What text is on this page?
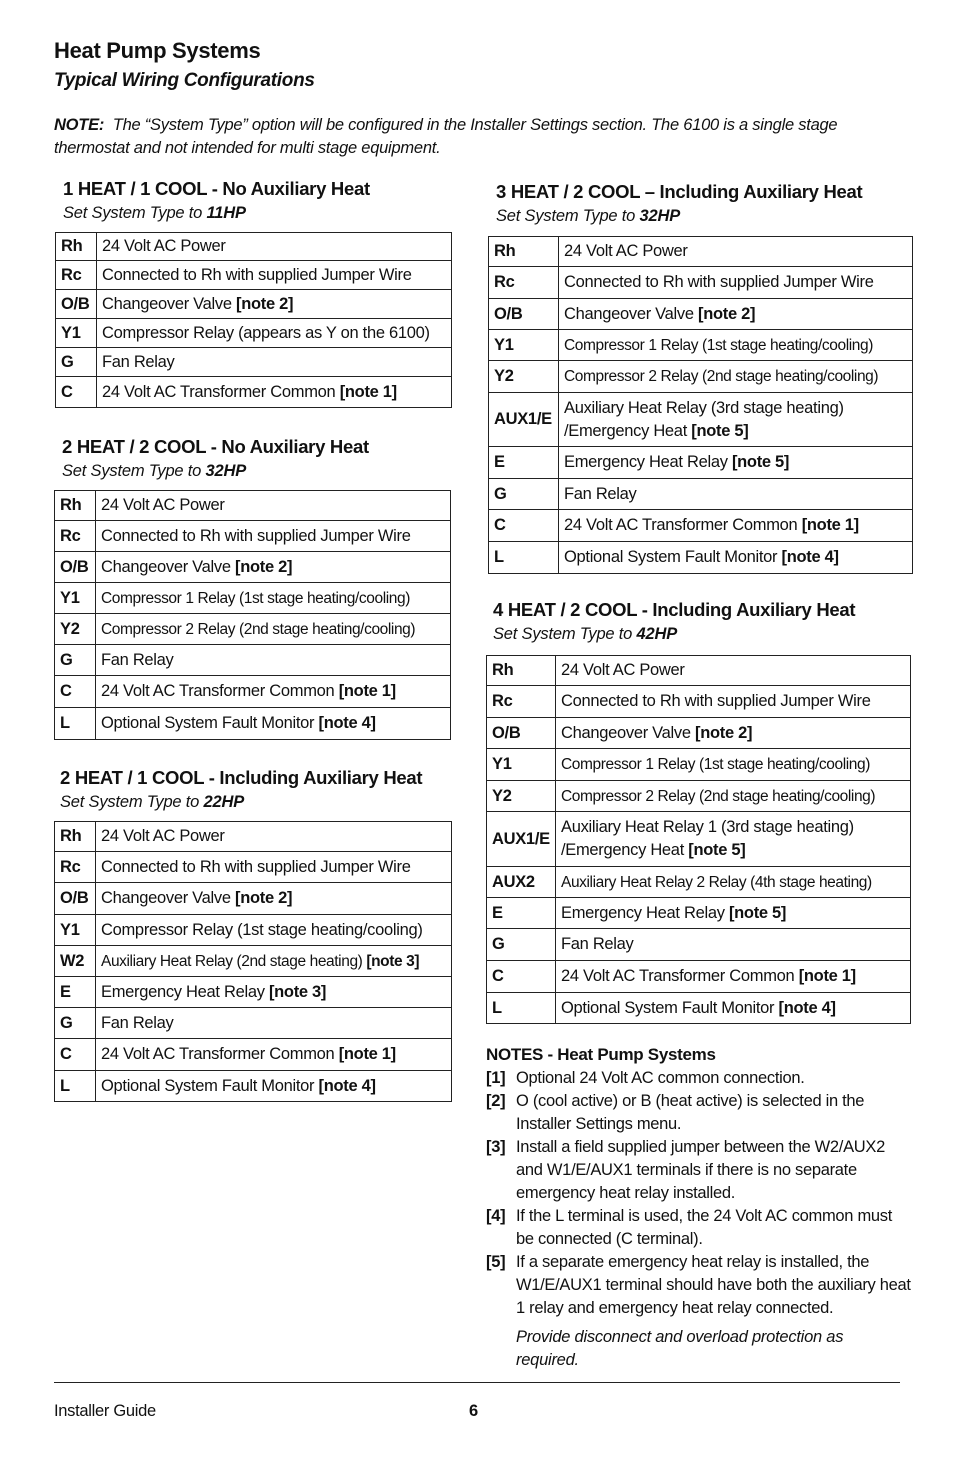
Heat Pump Systems
Typical Wiring Configurations
NOTE: The “System Type” option will be configured in the Installer Settings section. The 6100 is a single stage thermostat and not intended for multi stage equipment.
1 HEAT / 1 COOL - No Auxiliary Heat
Set System Type to 11HP
Rh	24 Volt AC Power
Rc	Connected to Rh with supplied Jumper Wire
O/B	Changeover Valve [note 2]
Y1	Compressor Relay (appears as Y on the 6100)
G	Fan Relay
C	24 Volt AC Transformer Common [note 1]
2 HEAT / 2 COOL - No Auxiliary Heat
Set System Type to 32HP
Rh	24 Volt AC Power
Rc	Connected to Rh with supplied Jumper Wire
O/B	Changeover Valve [note 2]
Y1	Compressor 1 Relay (1st stage heating/cooling)
Y2	Compressor 2 Relay (2nd stage heating/cooling)
G	Fan Relay
C	24 Volt AC Transformer Common [note 1]
L	Optional System Fault Monitor [note 4]
2 HEAT / 1 COOL - Including Auxiliary Heat
Set System Type to 22HP
Rh	24 Volt AC Power
Rc	Connected to Rh with supplied Jumper Wire
O/B	Changeover Valve [note 2]
Y1	Compressor Relay (1st stage heating/cooling)
W2	Auxiliary Heat Relay (2nd stage heating) [note 3]
E	Emergency Heat Relay [note 3]
G	Fan Relay
C	24 Volt AC Transformer Common [note 1]
L	Optional System Fault Monitor [note 4]
3 HEAT / 2 COOL – Including Auxiliary Heat
Set System Type to 32HP
Rh	24 Volt AC Power
Rc	Connected to Rh with supplied Jumper Wire
O/B	Changeover Valve [note 2]
Y1	Compressor 1 Relay (1st stage heating/cooling)
Y2	Compressor 2 Relay (2nd stage heating/cooling)
AUX1/E	Auxiliary Heat Relay (3rd stage heating) /Emergency Heat [note 5]
E	Emergency Heat Relay [note 5]
G	Fan Relay
C	24 Volt AC Transformer Common [note 1]
L	Optional System Fault Monitor [note 4]
4 HEAT / 2 COOL - Including Auxiliary Heat
Set System Type to 42HP
Rh	24 Volt AC Power
Rc	Connected to Rh with supplied Jumper Wire
O/B	Changeover Valve [note 2]
Y1	Compressor 1 Relay (1st stage heating/cooling)
Y2	Compressor 2 Relay (2nd stage heating/cooling)
AUX1/E	Auxiliary Heat Relay 1 (3rd stage heating) /Emergency Heat [note 5]
AUX2	Auxiliary Heat Relay 2 Relay (4th stage heating)
E	Emergency Heat Relay [note 5]
G	Fan Relay
C	24 Volt AC Transformer Common [note 1]
L	Optional System Fault Monitor [note 4]
NOTES - Heat Pump Systems
[1] Optional 24 Volt AC common connection.
[2] O (cool active) or B (heat active) is selected in the Installer Settings menu.
[3] Install a field supplied jumper between the W2/AUX2 and W1/E/AUX1 terminals if there is no separate emergency heat relay installed.
[4] If the L terminal is used, the 24 Volt AC common must be connected (C terminal).
[5] If a separate emergency heat relay is installed, the W1/E/AUX1 terminal should have both the auxiliary heat 1 relay and emergency heat relay connected.
Provide disconnect and overload protection as required.
Installer Guide	6
